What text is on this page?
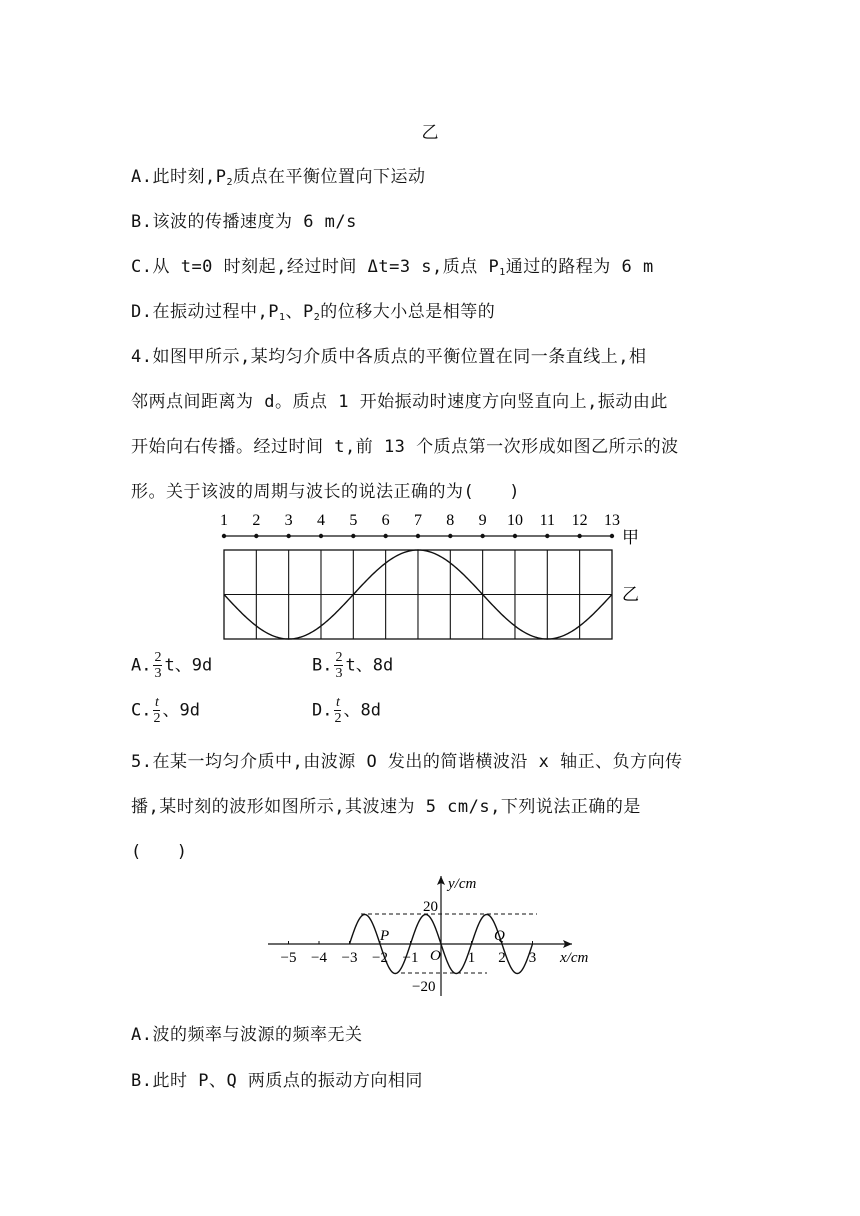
乙
A.此时刻$,P_2$质点在平衡位置向下运动
B.该波的传播速度为 6 m/s
C.从 t=0 时刻起,经过时间 Δt=3 s,质点 $P_1$通过的路程为 6 m
D.在振动过程中$,P_1$、$P_2$的位移大小总是相等的
4.如图甲所示,某均匀介质中各质点的平衡位置在同一条直线上,相
邻两点间距离为 d。质点 1 开始振动时速度方向竖直向上,振动由此
开始向右传播。经过时间 t,前 13 个质点第一次形成如图乙所示的波
形。关于该波的周期与波长的说法正确的为(　　)
1 2 3 4 5 6 7 8 9 10 11 12 13
甲
乙
A. $\frac{2}{3}$ t、9d	B. $\frac{2}{3}$ t、8d
C. $\frac{t}{2}$ 、9d	D. $\frac{t}{2}$ 、8d
5.在某一均匀介质中,由波源 O 发出的简谐横波沿 x 轴正、负方向传
播,某时刻的波形如图所示,其波速为 5 cm/s,下列说法正确的是
(　　)
−5 −4 −3 −2 −1	1 2 3
y/cm
x/cm
20
−20
O
P	Q
A.波的频率与波源的频率无关
B.此时 P、Q 两质点的振动方向相同
